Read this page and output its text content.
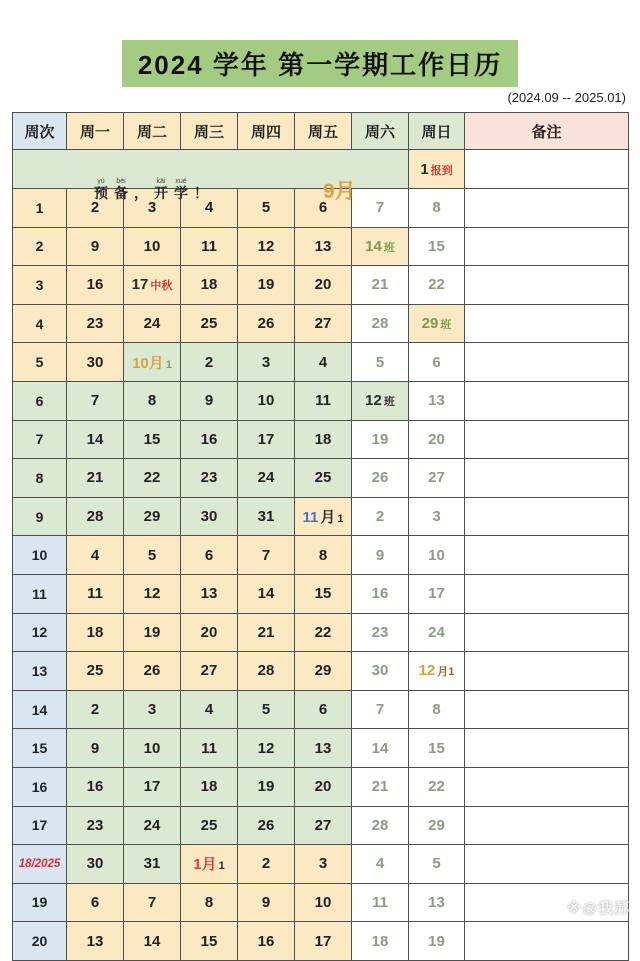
2024 学年 第一学期工作日历
(2024.09 -- 2025.01)
周次	周一	周二	周三	周四	周五	周六	周日	备注

预yù备bèi， 开kāi学xué！ 9月							1 报到	
1	2	3	4	5	6	7	8	
2	9	10	11	12	13	14 班	15	
3	16	17 中秋	18	19	20	21	22	
4	23	24	25	26	27	28	29 班	
5	30	10月 1	2	3	4	5	6	
6	7	8	9	10	11	12 班	13	
7	14	15	16	17	18	19	20	
8	21	22	23	24	25	26	27	
9	28	29	30	31	11 月 1	2	3	
10	4	5	6	7	8	9	10	
11	11	12	13	14	15	16	17	
12	18	19	20	21	22	23	24	
13	25	26	27	28	29	30	12 月1	
14	2	3	4	5	6	7	8	
15	9	10	11	12	13	14	15	
16	16	17	18	19	20	21	22	
17	23	24	25	26	27	28	29	
18/2025	30	31	1月 1	2	3	4	5	
19	6	7	8	9	10	11	13	
20	13	14	15	16	17	18	19	
※@我苏
